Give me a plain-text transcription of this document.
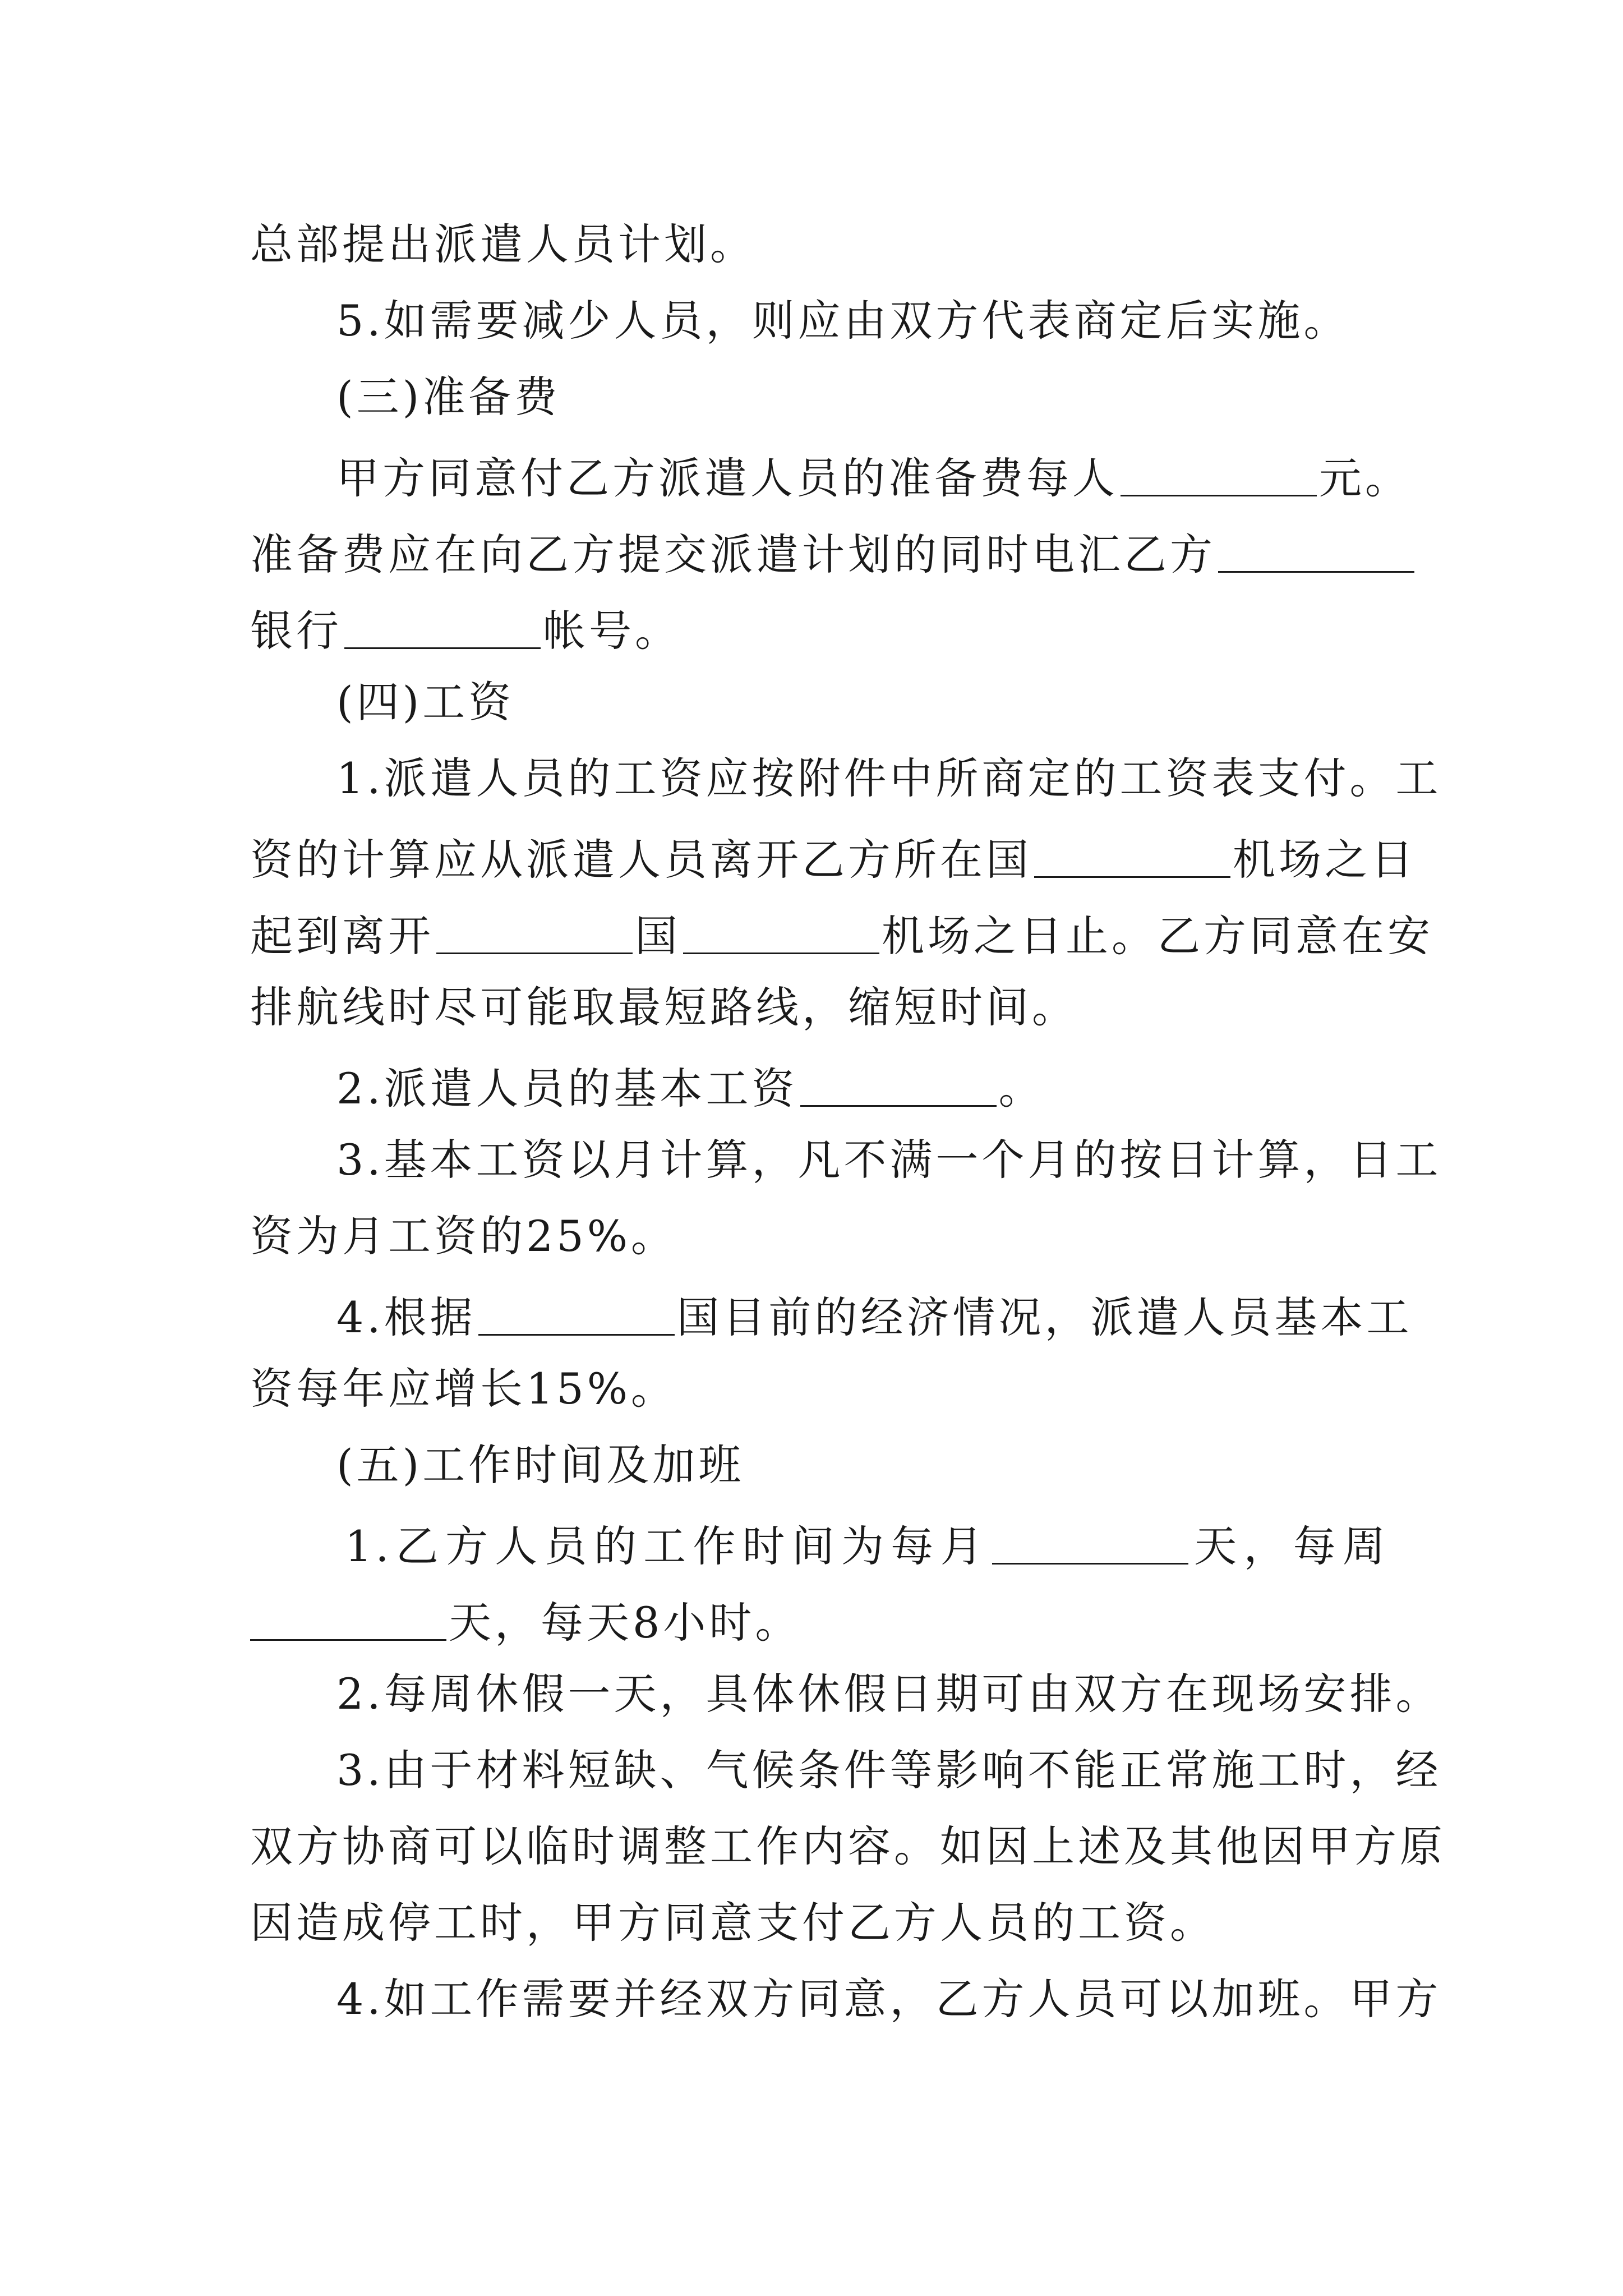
总部提出派遣人员计划。
5.如需要减少人员，则应由双方代表商定后实施。
(三)准备费
甲方同意付乙方派遣人员的准备费每人	元。
准备费应在向乙方提交派遣计划的同时电汇乙方
银行	帐号。
(四)工资
1.派遣人员的工资应按附件中所商定的工资表支付。工
资的计算应从派遣人员离开乙方所在国	机场之日
起到离开	国	机场之日止。乙方同意在安
排航线时尽可能取最短路线，缩短时间。
2.派遣人员的基本工资	。
3.基本工资以月计算，凡不满一个月的按日计算，日工
资为月工资的25%。
4.根据	国目前的经济情况，派遣人员基本工
资每年应增长15%。
(五)工作时间及加班
1.乙方人员的工作时间为每月	天，每周
天，每天8小时。
2.每周休假一天，具体休假日期可由双方在现场安排。
3.由于材料短缺、气候条件等影响不能正常施工时，经
双方协商可以临时调整工作内容。如因上述及其他因甲方原
因造成停工时，甲方同意支付乙方人员的工资。
4.如工作需要并经双方同意，乙方人员可以加班。甲方
